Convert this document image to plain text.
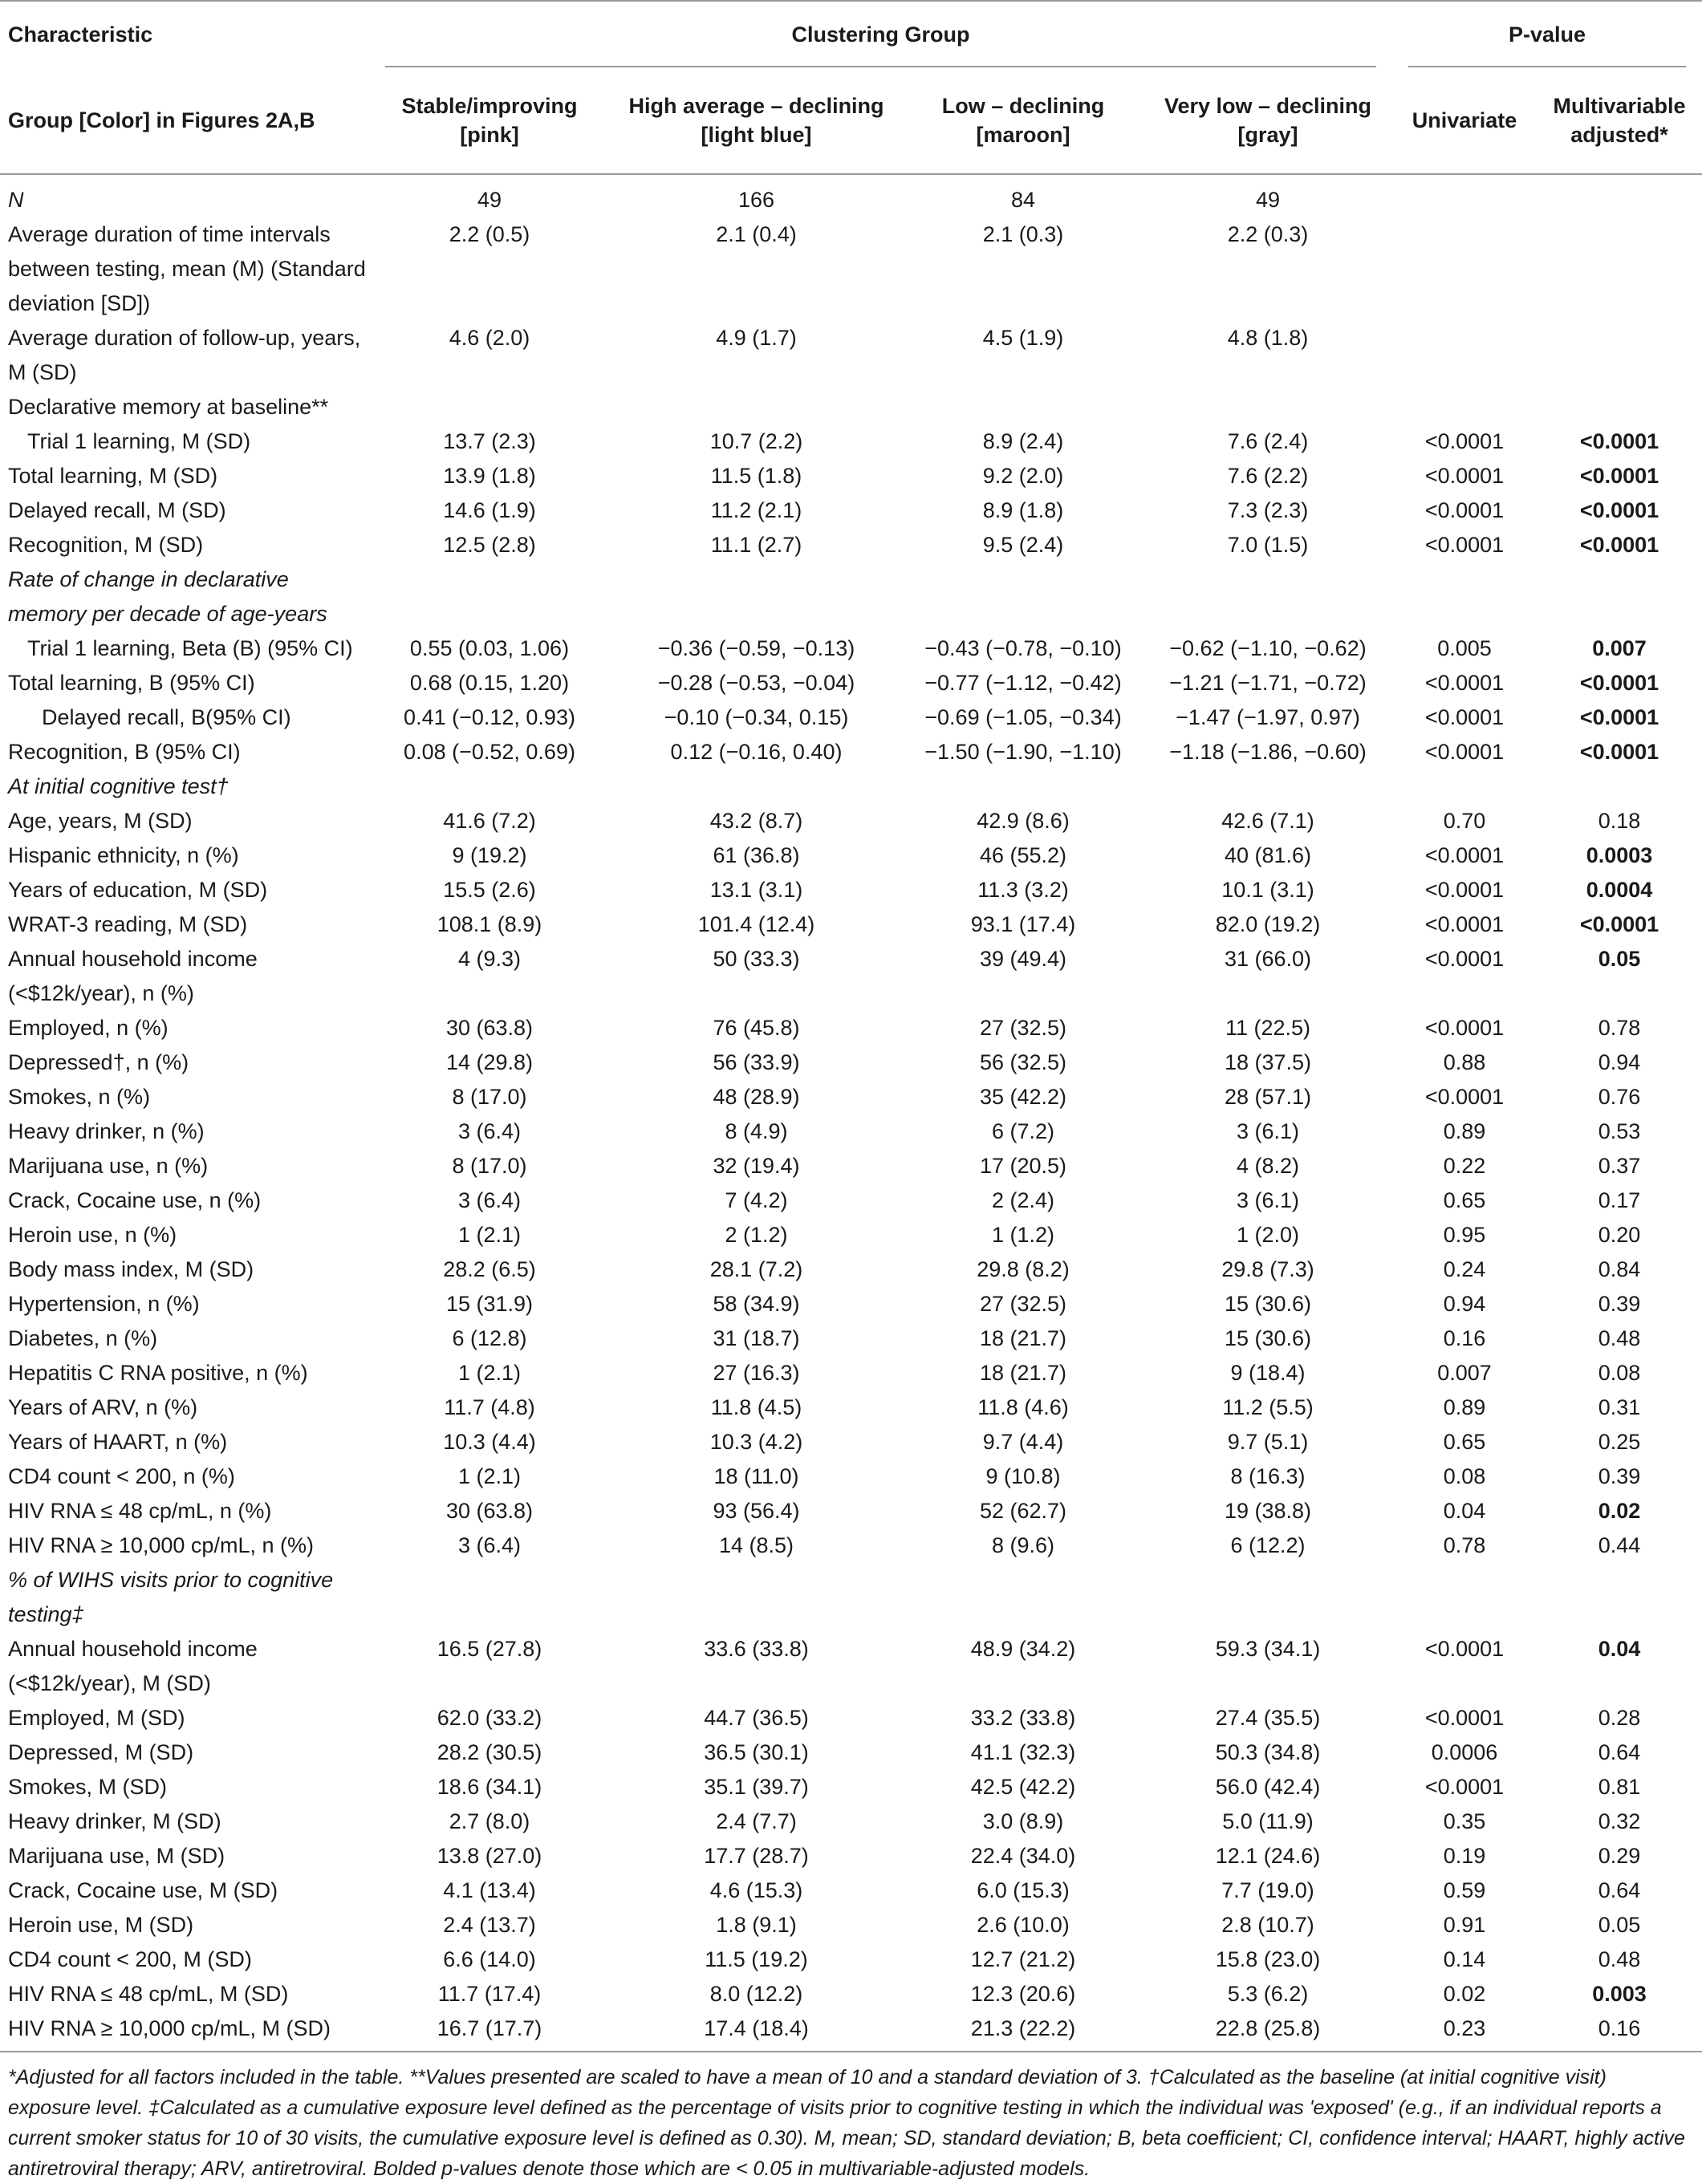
Characteristic	Clustering Group				P-value	

Group [Color] in Figures 2A,B	Stable/improving [pink]	High average – declining [light blue]	Low – declining [maroon]	Very low – declining [gray]	Univariate	Multivariable adjusted*
N	49	166	84	49		
Average duration of time intervals between testing, mean (M) (Standard deviation [SD])	2.2 (0.5)	2.1 (0.4)	2.1 (0.3)	2.2 (0.3)		
Average duration of follow-up, years, M (SD)	4.6 (2.0)	4.9 (1.7)	4.5 (1.9)	4.8 (1.8)		
Declarative memory at baseline**						
Trial 1 learning, M (SD)	13.7 (2.3)	10.7 (2.2)	8.9 (2.4)	7.6 (2.4)	<0.0001	<0.0001
Total learning, M (SD)	13.9 (1.8)	11.5 (1.8)	9.2 (2.0)	7.6 (2.2)	<0.0001	<0.0001
Delayed recall, M (SD)	14.6 (1.9)	11.2 (2.1)	8.9 (1.8)	7.3 (2.3)	<0.0001	<0.0001
Recognition, M (SD)	12.5 (2.8)	11.1 (2.7)	9.5 (2.4)	7.0 (1.5)	<0.0001	<0.0001
Rate of change in declarative memory per decade of age-years						
Trial 1 learning, Beta (B) (95% CI)	0.55 (0.03, 1.06)	−0.36 (−0.59, −0.13)	−0.43 (−0.78, −0.10)	−0.62 (−1.10, −0.62)	0.005	0.007
Total learning, B (95% CI)	0.68 (0.15, 1.20)	−0.28 (−0.53, −0.04)	−0.77 (−1.12, −0.42)	−1.21 (−1.71, −0.72)	<0.0001	<0.0001
Delayed recall, B(95% CI)	0.41 (−0.12, 0.93)	−0.10 (−0.34, 0.15)	−0.69 (−1.05, −0.34)	−1.47 (−1.97, 0.97)	<0.0001	<0.0001
Recognition, B (95% CI)	0.08 (−0.52, 0.69)	0.12 (−0.16, 0.40)	−1.50 (−1.90, −1.10)	−1.18 (−1.86, −0.60)	<0.0001	<0.0001
At initial cognitive test†						
Age, years, M (SD)	41.6 (7.2)	43.2 (8.7)	42.9 (8.6)	42.6 (7.1)	0.70	0.18
Hispanic ethnicity, n (%)	9 (19.2)	61 (36.8)	46 (55.2)	40 (81.6)	<0.0001	0.0003
Years of education, M (SD)	15.5 (2.6)	13.1 (3.1)	11.3 (3.2)	10.1 (3.1)	<0.0001	0.0004
WRAT-3 reading, M (SD)	108.1 (8.9)	101.4 (12.4)	93.1 (17.4)	82.0 (19.2)	<0.0001	<0.0001
Annual household income (<$12k/year), n (%)	4 (9.3)	50 (33.3)	39 (49.4)	31 (66.0)	<0.0001	0.05
Employed, n (%)	30 (63.8)	76 (45.8)	27 (32.5)	11 (22.5)	<0.0001	0.78
Depressed†, n (%)	14 (29.8)	56 (33.9)	56 (32.5)	18 (37.5)	0.88	0.94
Smokes, n (%)	8 (17.0)	48 (28.9)	35 (42.2)	28 (57.1)	<0.0001	0.76
Heavy drinker, n (%)	3 (6.4)	8 (4.9)	6 (7.2)	3 (6.1)	0.89	0.53
Marijuana use, n (%)	8 (17.0)	32 (19.4)	17 (20.5)	4 (8.2)	0.22	0.37
Crack, Cocaine use, n (%)	3 (6.4)	7 (4.2)	2 (2.4)	3 (6.1)	0.65	0.17
Heroin use, n (%)	1 (2.1)	2 (1.2)	1 (1.2)	1 (2.0)	0.95	0.20
Body mass index, M (SD)	28.2 (6.5)	28.1 (7.2)	29.8 (8.2)	29.8 (7.3)	0.24	0.84
Hypertension, n (%)	15 (31.9)	58 (34.9)	27 (32.5)	15 (30.6)	0.94	0.39
Diabetes, n (%)	6 (12.8)	31 (18.7)	18 (21.7)	15 (30.6)	0.16	0.48
Hepatitis C RNA positive, n (%)	1 (2.1)	27 (16.3)	18 (21.7)	9 (18.4)	0.007	0.08
Years of ARV, n (%)	11.7 (4.8)	11.8 (4.5)	11.8 (4.6)	11.2 (5.5)	0.89	0.31
Years of HAART, n (%)	10.3 (4.4)	10.3 (4.2)	9.7 (4.4)	9.7 (5.1)	0.65	0.25
CD4 count < 200, n (%)	1 (2.1)	18 (11.0)	9 (10.8)	8 (16.3)	0.08	0.39
HIV RNA ≤ 48 cp/mL, n (%)	30 (63.8)	93 (56.4)	52 (62.7)	19 (38.8)	0.04	0.02
HIV RNA ≥ 10,000 cp/mL, n (%)	3 (6.4)	14 (8.5)	8 (9.6)	6 (12.2)	0.78	0.44
% of WIHS visits prior to cognitive testing‡						
Annual household income (<$12k/year), M (SD)	16.5 (27.8)	33.6 (33.8)	48.9 (34.2)	59.3 (34.1)	<0.0001	0.04
Employed, M (SD)	62.0 (33.2)	44.7 (36.5)	33.2 (33.8)	27.4 (35.5)	<0.0001	0.28
Depressed, M (SD)	28.2 (30.5)	36.5 (30.1)	41.1 (32.3)	50.3 (34.8)	0.0006	0.64
Smokes, M (SD)	18.6 (34.1)	35.1 (39.7)	42.5 (42.2)	56.0 (42.4)	<0.0001	0.81
Heavy drinker, M (SD)	2.7 (8.0)	2.4 (7.7)	3.0 (8.9)	5.0 (11.9)	0.35	0.32
Marijuana use, M (SD)	13.8 (27.0)	17.7 (28.7)	22.4 (34.0)	12.1 (24.6)	0.19	0.29
Crack, Cocaine use, M (SD)	4.1 (13.4)	4.6 (15.3)	6.0 (15.3)	7.7 (19.0)	0.59	0.64
Heroin use, M (SD)	2.4 (13.7)	1.8 (9.1)	2.6 (10.0)	2.8 (10.7)	0.91	0.05
CD4 count < 200, M (SD)	6.6 (14.0)	11.5 (19.2)	12.7 (21.2)	15.8 (23.0)	0.14	0.48
HIV RNA ≤ 48 cp/mL, M (SD)	11.7 (17.4)	8.0 (12.2)	12.3 (20.6)	5.3 (6.2)	0.02	0.003
HIV RNA ≥ 10,000 cp/mL, M (SD)	16.7 (17.7)	17.4 (18.4)	21.3 (22.2)	22.8 (25.8)	0.23	0.16
*Adjusted for all factors included in the table. **Values presented are scaled to have a mean of 10 and a standard deviation of 3. †Calculated as the baseline (at initial cognitive visit) exposure level. ‡Calculated as a cumulative exposure level defined as the percentage of visits prior to cognitive testing in which the individual was 'exposed' (e.g., if an individual reports a current smoker status for 10 of 30 visits, the cumulative exposure level is defined as 0.30). M, mean; SD, standard deviation; B, beta coefficient; CI, confidence interval; HAART, highly active antiretroviral therapy; ARV, antiretroviral. Bolded p-values denote those which are < 0.05 in multivariable-adjusted models.						
